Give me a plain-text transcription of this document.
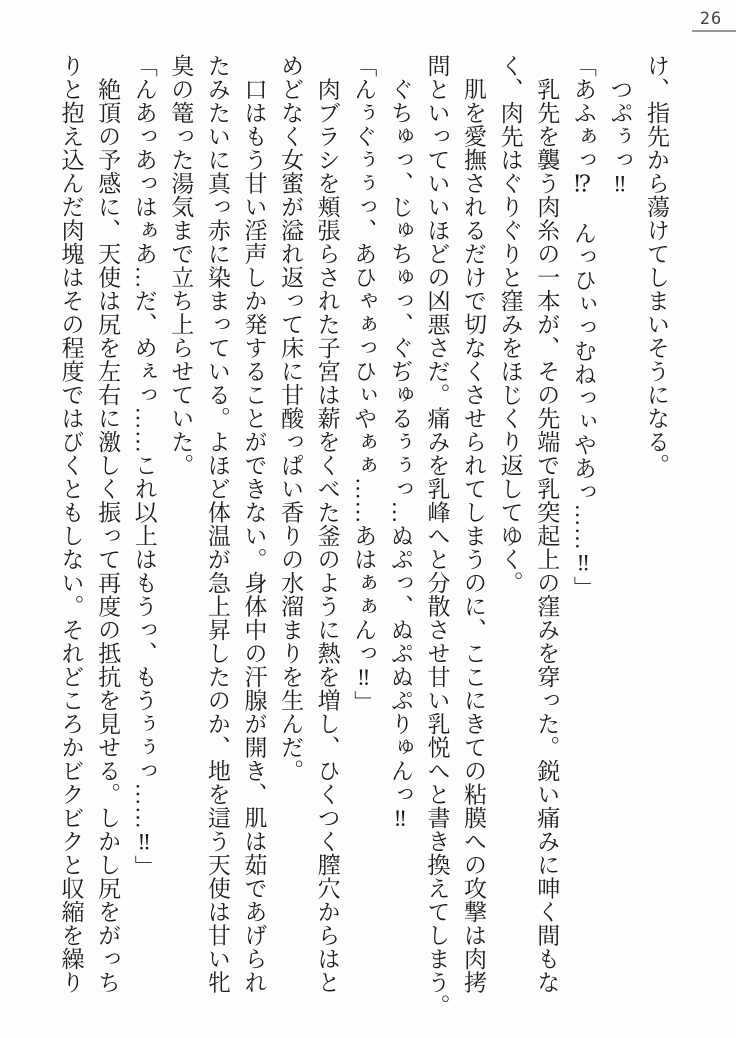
26

け、指先から蕩けてしまいそうになる。

　つぷぅっ‼

「あふぁっ⁉　んっひぃっむねっぃやあっ……‼」

　乳先を襲う肉糸の一本が、その先端で乳突起上の窪みを穿った。鋭い痛みに呻く間もな

く、肉先はぐりぐりと窪みをほじくり返してゆく。

　肌を愛撫されるだけで切なくさせられてしまうのに、ここにきての粘膜への攻撃は肉拷

問といっていいほどの凶悪さだ。痛みを乳峰へと分散させ甘い乳悦へと書き換えてしまう。

　ぐちゅっ、じゅちゅっ、ぐぢゅるぅぅっ…ぬぷっ、ぬぷぬぷりゅんっ‼

「んぅぐぅぅっ、あひゃぁっひぃやぁぁ……あはぁぁんっ‼」

　肉ブラシを頬張らされた子宮は薪をくべた釜のように熱を増し、ひくつく膣穴からはと

めどなく女蜜が溢れ返って床に甘酸っぱい香りの水溜まりを生んだ。

　口はもう甘い淫声しか発することができない。身体中の汗腺が開き、肌は茹であげられ

たみたいに真っ赤に染まっている。よほど体温が急上昇したのか、地を這う天使は甘い牝

臭の篭った湯気まで立ち上らせていた。

「んあっあっはぁあ…だ、めぇっ……これ以上はもうっ、もうぅぅっ……‼」

　絶頂の予感に、天使は尻を左右に激しく振って再度の抵抗を見せる。しかし尻をがっち

りと抱え込んだ肉塊はその程度ではびくともしない。それどころかビクビクと収縮を繰り
